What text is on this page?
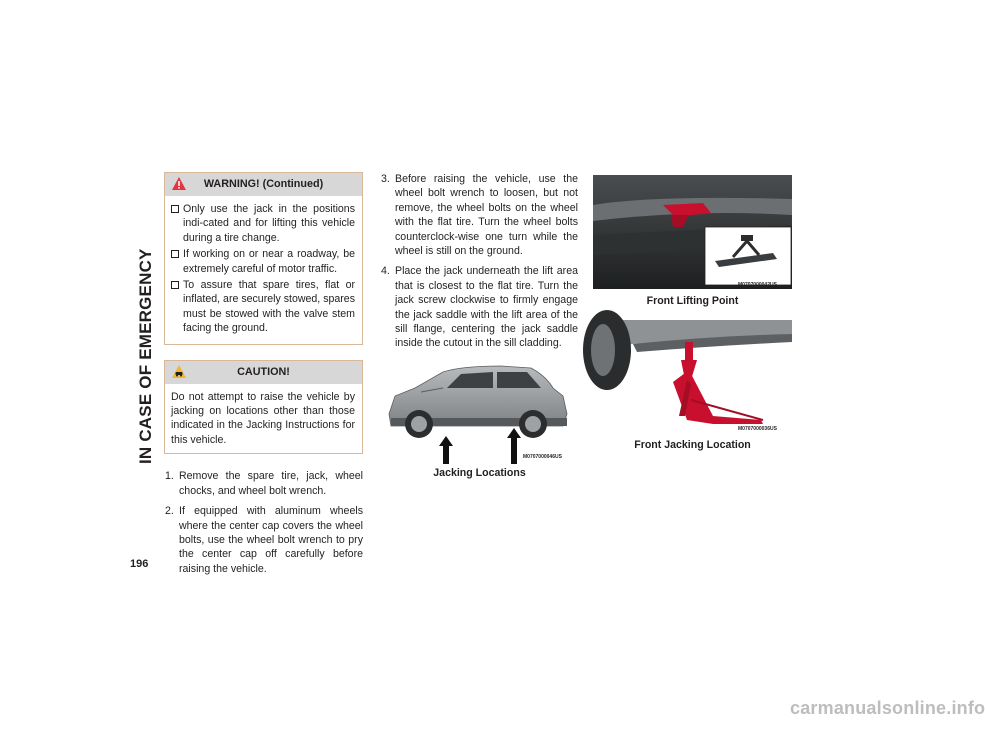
IN CASE OF EMERGENCY
196
WARNING! (Continued)
Only use the jack in the positions indi-cated and for lifting this vehicle during a tire change.
If working on or near a roadway, be extremely careful of motor traffic.
To assure that spare tires, flat or inflated, are securely stowed, spares must be stowed with the valve stem facing the ground.
CAUTION!
Do not attempt to raise the vehicle by jacking on locations other than those indicated in the Jacking Instructions for this vehicle.
1. Remove the spare tire, jack, wheel chocks, and wheel bolt wrench.
2. If equipped with aluminum wheels where the center cap covers the wheel bolts, use the wheel bolt wrench to pry the center cap off carefully before raising the vehicle.
3. Before raising the vehicle, use the wheel bolt wrench to loosen, but not remove, the wheel bolts on the wheel with the flat tire. Turn the wheel bolts counterclock-wise one turn while the wheel is still on the ground.
4. Place the jack underneath the lift area that is closest to the flat tire. Turn the jack screw clockwise to firmly engage the jack saddle with the lift area of the sill flange, centering the jack saddle inside the cutout in the sill cladding.
M0707000046US
Jacking Locations
M0707000042US
Front Lifting Point
M0707000036US
Front Jacking Location
carmanualsonline.info
